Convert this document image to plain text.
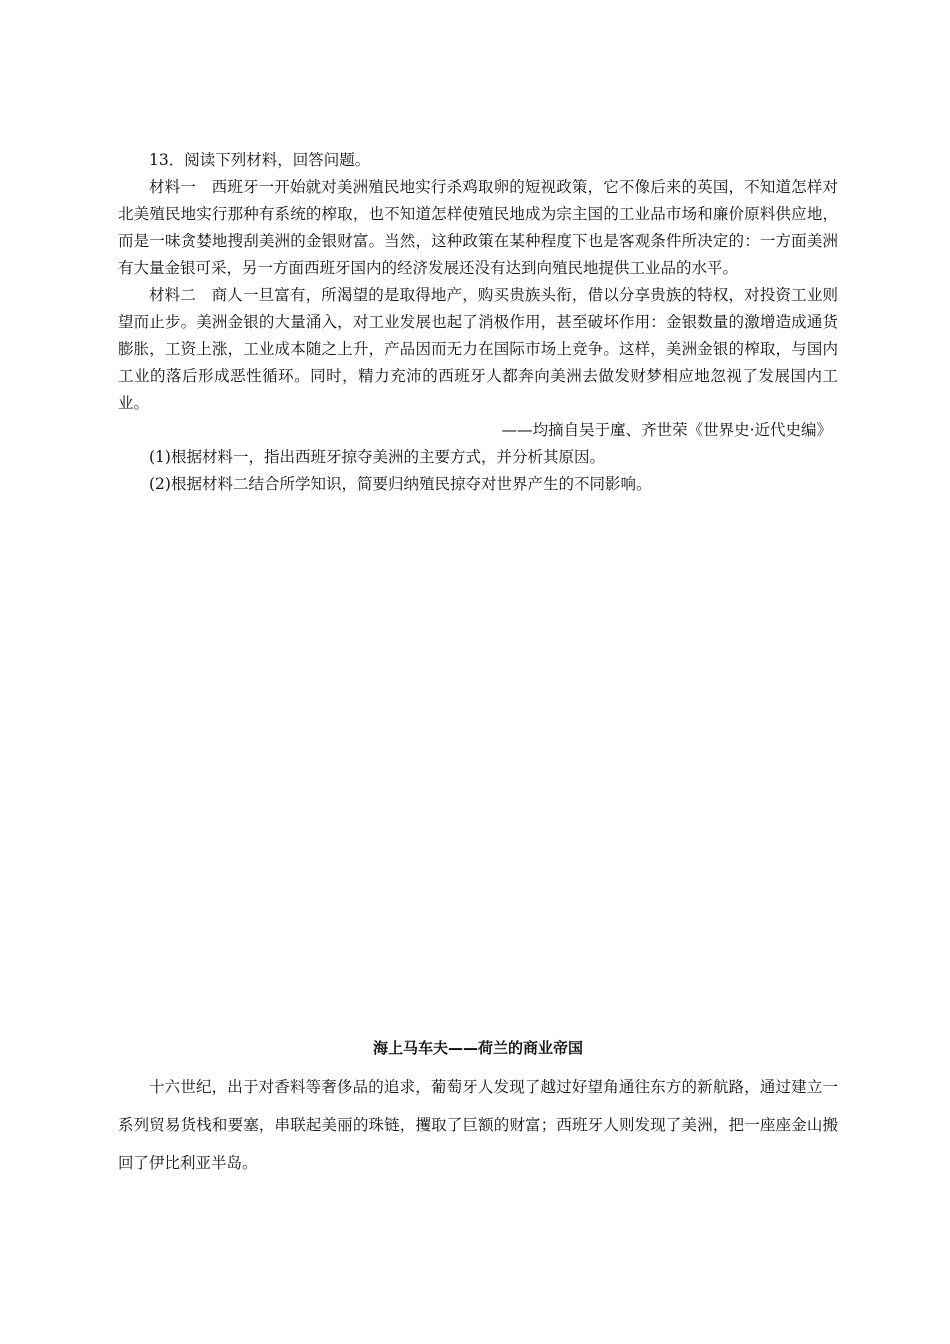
13．阅读下列材料，回答问题。

材料一　西班牙一开始就对美洲殖民地实行杀鸡取卵的短视政策，它不像后来的英国，不知道怎样对北美殖民地实行那种有系统的榨取，也不知道怎样使殖民地成为宗主国的工业品市场和廉价原料供应地，而是一味贪婪地搜刮美洲的金银财富。当然，这种政策在某种程度下也是客观条件所决定的：一方面美洲有大量金银可采，另一方面西班牙国内的经济发展还没有达到向殖民地提供工业品的水平。

材料二　商人一旦富有，所渴望的是取得地产，购买贵族头衔，借以分享贵族的特权，对投资工业则望而止步。美洲金银的大量涌入，对工业发展也起了消极作用，甚至破坏作用：金银数量的激增造成通货膨胀，工资上涨，工业成本随之上升，产品因而无力在国际市场上竞争。这样，美洲金银的榨取，与国内工业的落后形成恶性循环。同时，精力充沛的西班牙人都奔向美洲去做发财梦相应地忽视了发展国内工业。

——均摘自吴于廑、齐世荣《世界史·近代史编》

(1)根据材料一，指出西班牙掠夺美洲的主要方式，并分析其原因。

(2)根据材料二结合所学知识，简要归纳殖民掠夺对世界产生的不同影响。

海上马车夫——荷兰的商业帝国

十六世纪，出于对香料等奢侈品的追求，葡萄牙人发现了越过好望角通往东方的新航路，通过建立一系列贸易货栈和要塞，串联起美丽的珠链，攫取了巨额的财富；西班牙人则发现了美洲，把一座座金山搬回了伊比利亚半岛。
